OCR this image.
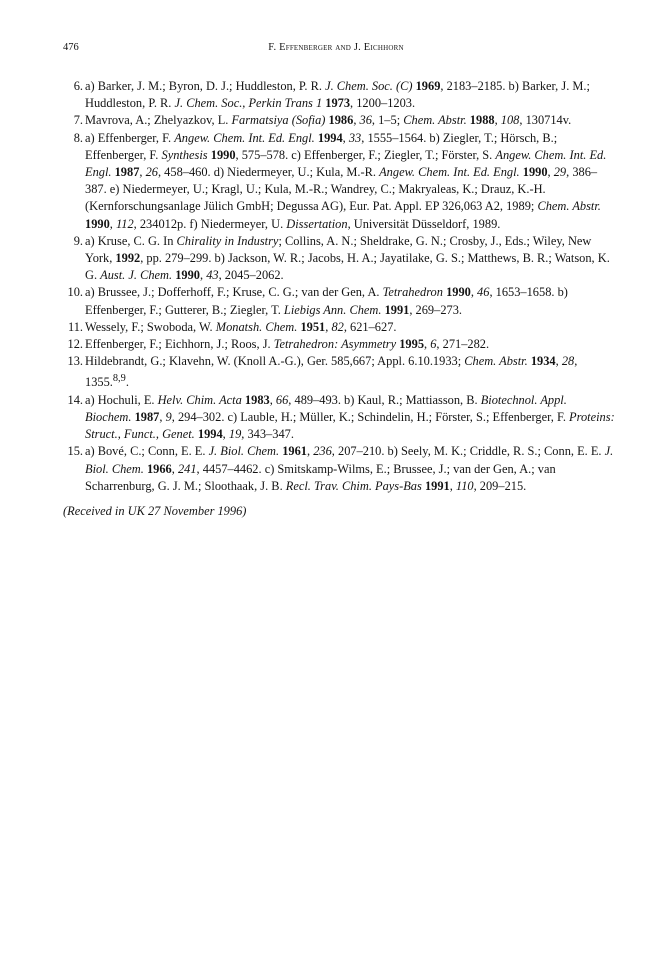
476	F. Effenberger and J. Eichhorn
6. a) Barker, J. M.; Byron, D. J.; Huddleston, P. R. J. Chem. Soc. (C) 1969, 2183–2185. b) Barker, J. M.; Huddleston, P. R. J. Chem. Soc., Perkin Trans 1 1973, 1200–1203.
7. Mavrova, A.; Zhelyazkov, L. Farmatsiya (Sofia) 1986, 36, 1–5; Chem. Abstr. 1988, 108, 130714v.
8. a) Effenberger, F. Angew. Chem. Int. Ed. Engl. 1994, 33, 1555–1564. b) Ziegler, T.; Hörsch, B.; Effenberger, F. Synthesis 1990, 575–578. c) Effenberger, F.; Ziegler, T.; Förster, S. Angew. Chem. Int. Ed. Engl. 1987, 26, 458–460. d) Niedermeyer, U.; Kula, M.-R. Angew. Chem. Int. Ed. Engl. 1990, 29, 386–387. e) Niedermeyer, U.; Kragl, U.; Kula, M.-R.; Wandrey, C.; Makryaleas, K.; Drauz, K.-H. (Kernforschungsanlage Jülich GmbH; Degussa AG), Eur. Pat. Appl. EP 326,063 A2, 1989; Chem. Abstr. 1990, 112, 234012p. f) Niedermeyer, U. Dissertation, Universität Düsseldorf, 1989.
9. a) Kruse, C. G. In Chirality in Industry; Collins, A. N.; Sheldrake, G. N.; Crosby, J., Eds.; Wiley, New York, 1992, pp. 279–299. b) Jackson, W. R.; Jacobs, H. A.; Jayatilake, G. S.; Matthews, B. R.; Watson, K. G. Aust. J. Chem. 1990, 43, 2045–2062.
10. a) Brussee, J.; Dofferhoff, F.; Kruse, C. G.; van der Gen, A. Tetrahedron 1990, 46, 1653–1658. b) Effenberger, F.; Gutterer, B.; Ziegler, T. Liebigs Ann. Chem. 1991, 269–273.
11. Wessely, F.; Swoboda, W. Monatsh. Chem. 1951, 82, 621–627.
12. Effenberger, F.; Eichhorn, J.; Roos, J. Tetrahedron: Asymmetry 1995, 6, 271–282.
13. Hildebrandt, G.; Klavehn, W. (Knoll A.-G.), Ger. 585,667; Appl. 6.10.1933; Chem. Abstr. 1934, 28, 1355.$^{8,9}$.
14. a) Hochuli, E. Helv. Chim. Acta 1983, 66, 489–493. b) Kaul, R.; Mattiasson, B. Biotechnol. Appl. Biochem. 1987, 9, 294–302. c) Lauble, H.; Müller, K.; Schindelin, H.; Förster, S.; Effenberger, F. Proteins: Struct., Funct., Genet. 1994, 19, 343–347.
15. a) Bové, C.; Conn, E. E. J. Biol. Chem. 1961, 236, 207–210. b) Seely, M. K.; Criddle, R. S.; Conn, E. E. J. Biol. Chem. 1966, 241, 4457–4462. c) Smitskamp-Wilms, E.; Brussee, J.; van der Gen, A.; van Scharrenburg, G. J. M.; Sloothaak, J. B. Recl. Trav. Chim. Pays-Bas 1991, 110, 209–215.
(Received in UK 27 November 1996)
